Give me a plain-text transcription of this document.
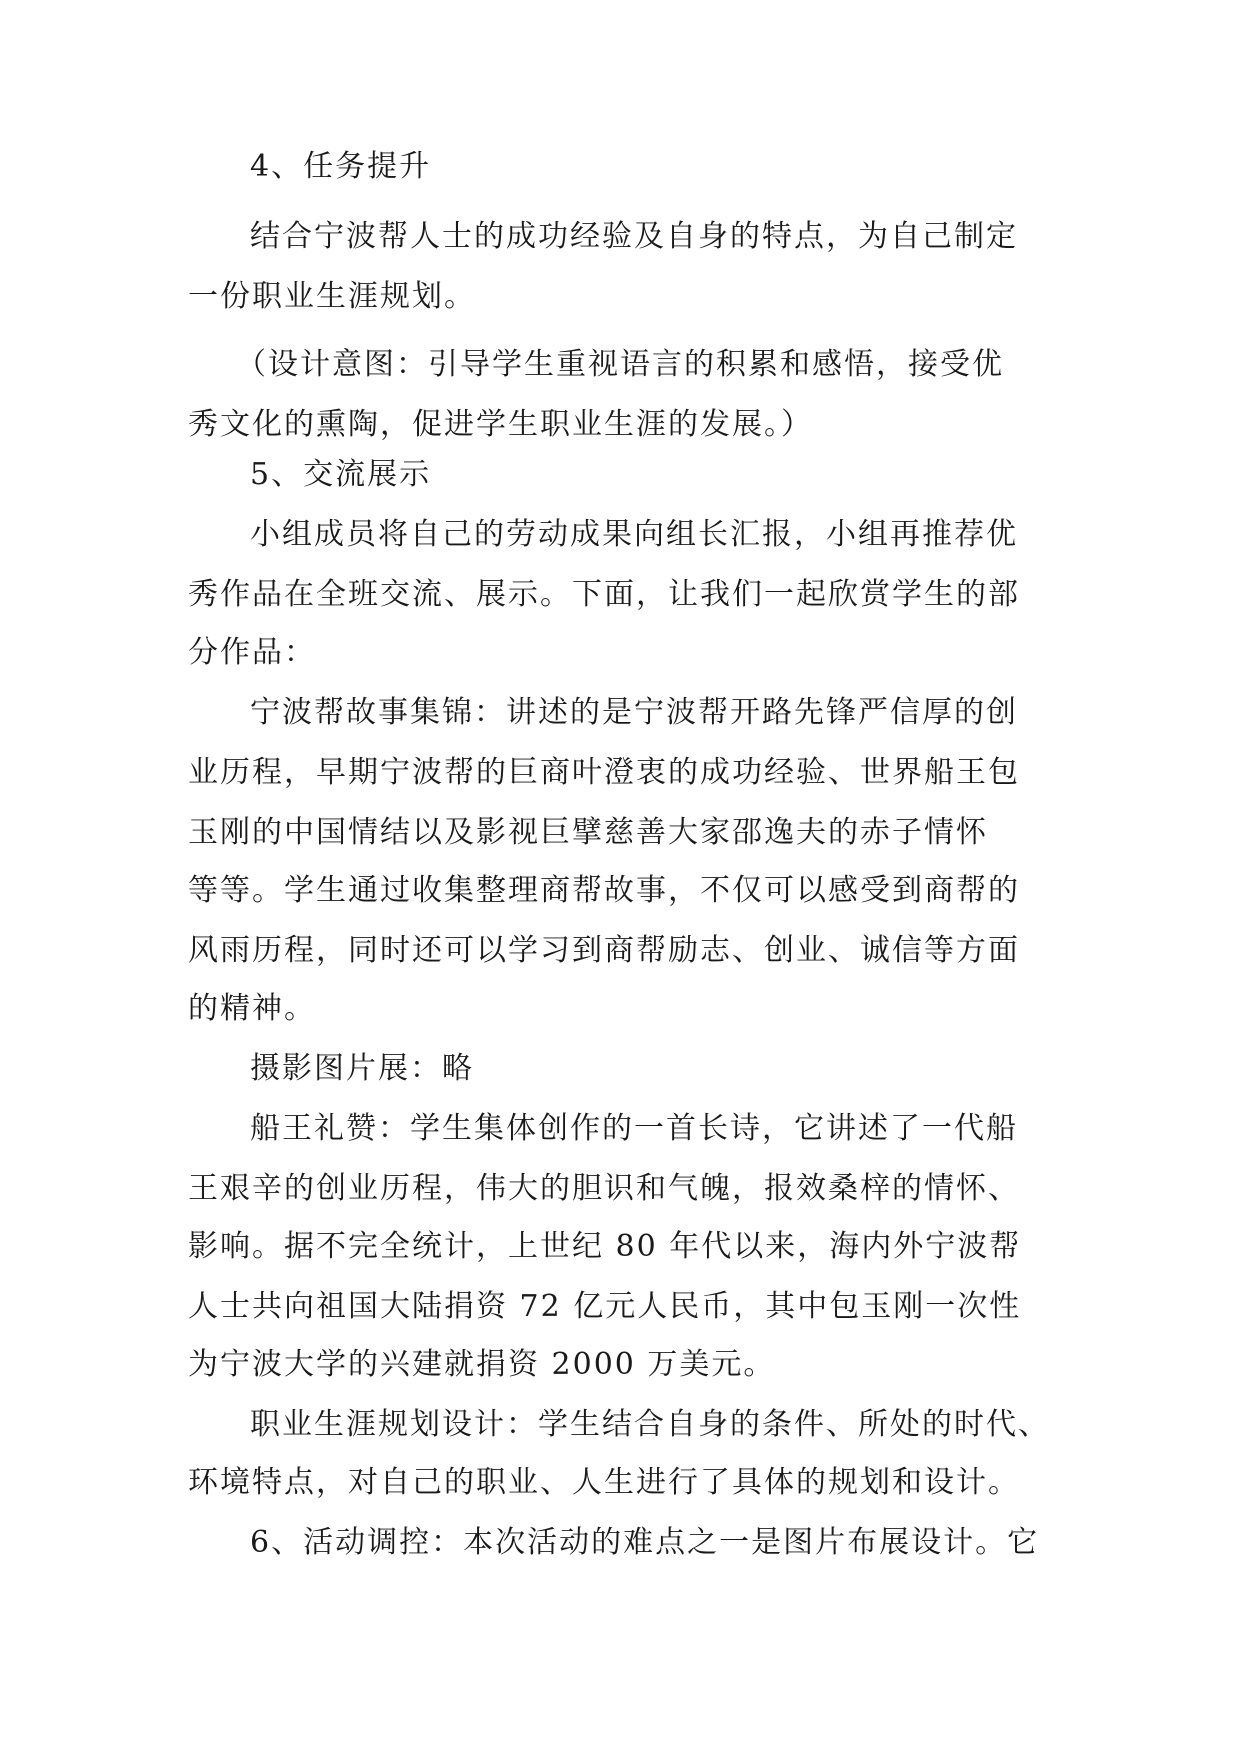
4、任务提升
结合宁波帮人士的成功经验及自身的特点，为自己制定
一份职业生涯规划。
（设计意图：引导学生重视语言的积累和感悟，接受优
秀文化的熏陶，促进学生职业生涯的发展。）
5、交流展示
小组成员将自己的劳动成果向组长汇报，小组再推荐优
秀作品在全班交流、展示。下面，让我们一起欣赏学生的部
分作品：
宁波帮故事集锦：讲述的是宁波帮开路先锋严信厚的创
业历程，早期宁波帮的巨商叶澄衷的成功经验、世界船王包
玉刚的中国情结以及影视巨擘慈善大家邵逸夫的赤子情怀
等等。学生通过收集整理商帮故事，不仅可以感受到商帮的
风雨历程，同时还可以学习到商帮励志、创业、诚信等方面
的精神。
摄影图片展：略
船王礼赞：学生集体创作的一首长诗，它讲述了一代船
王艰辛的创业历程，伟大的胆识和气魄，报效桑梓的情怀、
影响。据不完全统计，上世纪 80 年代以来，海内外宁波帮
人士共向祖国大陆捐资 72 亿元人民币，其中包玉刚一次性
为宁波大学的兴建就捐资 2000 万美元。
职业生涯规划设计：学生结合自身的条件、所处的时代、
环境特点，对自己的职业、人生进行了具体的规划和设计。
6、活动调控：本次活动的难点之一是图片布展设计。它
